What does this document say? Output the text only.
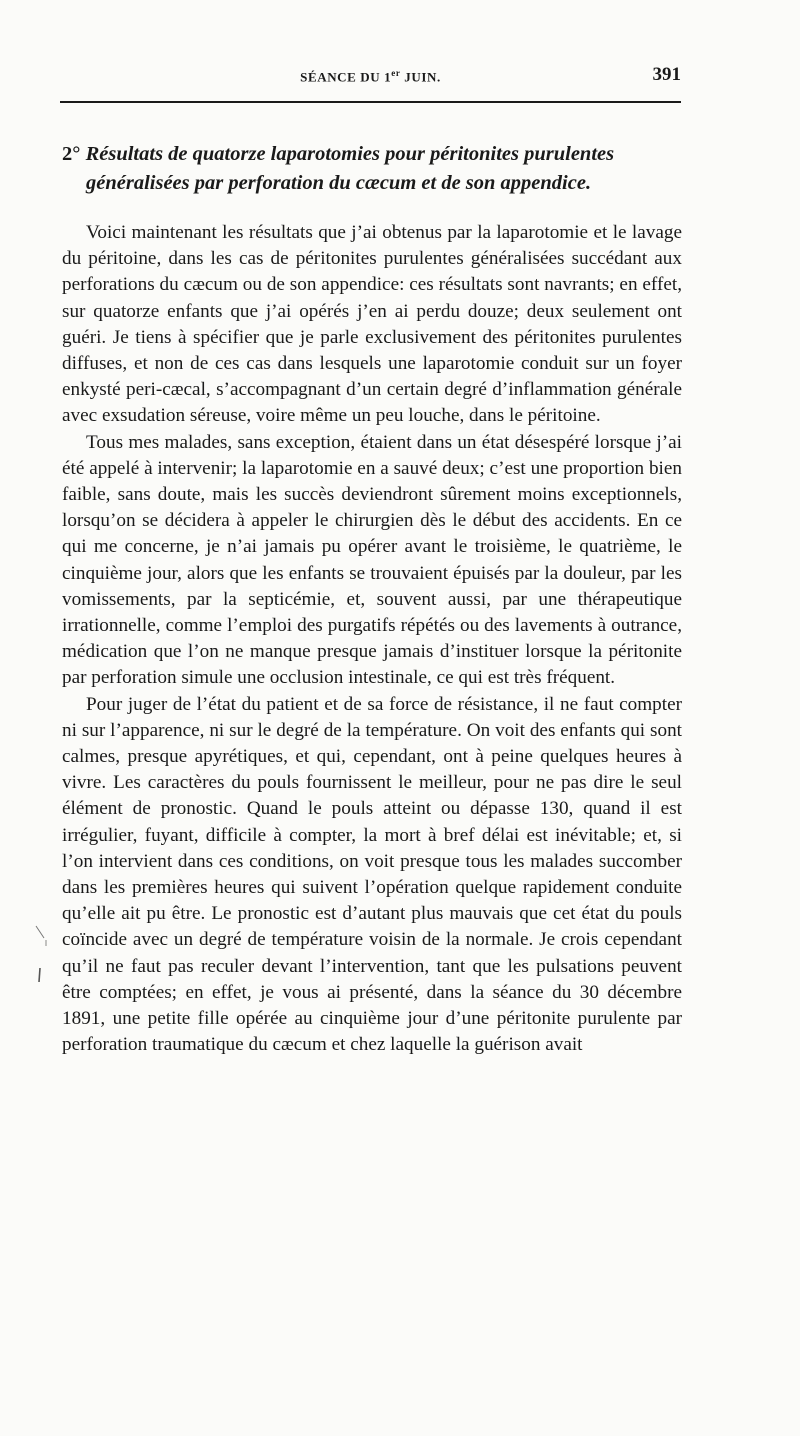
SÉANCE DU 1er JUIN.	391
2° Résultats de quatorze laparotomies pour péritonites purulentes
généralisées par perforation du cæcum et de son appendice.

Voici maintenant les résultats que j’ai obtenus par la laparotomie et le lavage du péritoine, dans les cas de péritonites purulentes généralisées succédant aux perforations du cæcum ou de son appendice: ces résultats sont navrants; en effet, sur quatorze enfants que j’ai opérés j’en ai perdu douze; deux seulement ont guéri. Je tiens à spécifier que je parle exclusivement des péritonites purulentes diffuses, et non de ces cas dans lesquels une laparotomie conduit sur un foyer enkysté peri-cæcal, s’accompagnant d’un certain degré d’inflammation générale avec exsudation séreuse, voire même un peu louche, dans le péritoine.

Tous mes malades, sans exception, étaient dans un état désespéré lorsque j’ai été appelé à intervenir; la laparotomie en a sauvé deux; c’est une proportion bien faible, sans doute, mais les succès deviendront sûrement moins exceptionnels, lorsqu’on se décidera à appeler le chirurgien dès le début des accidents. En ce qui me concerne, je n’ai jamais pu opérer avant le troisième, le quatrième, le cinquième jour, alors que les enfants se trouvaient épuisés par la douleur, par les vomissements, par la septicémie, et, souvent aussi, par une thérapeutique irrationnelle, comme l’emploi des purgatifs répétés ou des lavements à outrance, médication que l’on ne manque presque jamais d’instituer lorsque la péritonite par perforation simule une occlusion intestinale, ce qui est très fréquent.

Pour juger de l’état du patient et de sa force de résistance, il ne faut compter ni sur l’apparence, ni sur le degré de la température. On voit des enfants qui sont calmes, presque apyrétiques, et qui, cependant, ont à peine quelques heures à vivre. Les caractères du pouls fournissent le meilleur, pour ne pas dire le seul élément de pronostic. Quand le pouls atteint ou dépasse 130, quand il est irrégulier, fuyant, difficile à compter, la mort à bref délai est inévitable; et, si l’on intervient dans ces conditions, on voit presque tous les malades succomber dans les premières heures qui suivent l’opération quelque rapidement conduite qu’elle ait pu être. Le pronostic est d’autant plus mauvais que cet état du pouls coïncide avec un degré de température voisin de la normale. Je crois cependant qu’il ne faut pas reculer devant l’intervention, tant que les pulsations peuvent être comptées; en effet, je vous ai présenté, dans la séance du 30 décembre 1891, une petite fille opérée au cinquième jour d’une péritonite purulente par perforation traumatique du cæcum et chez laquelle la guérison avait
